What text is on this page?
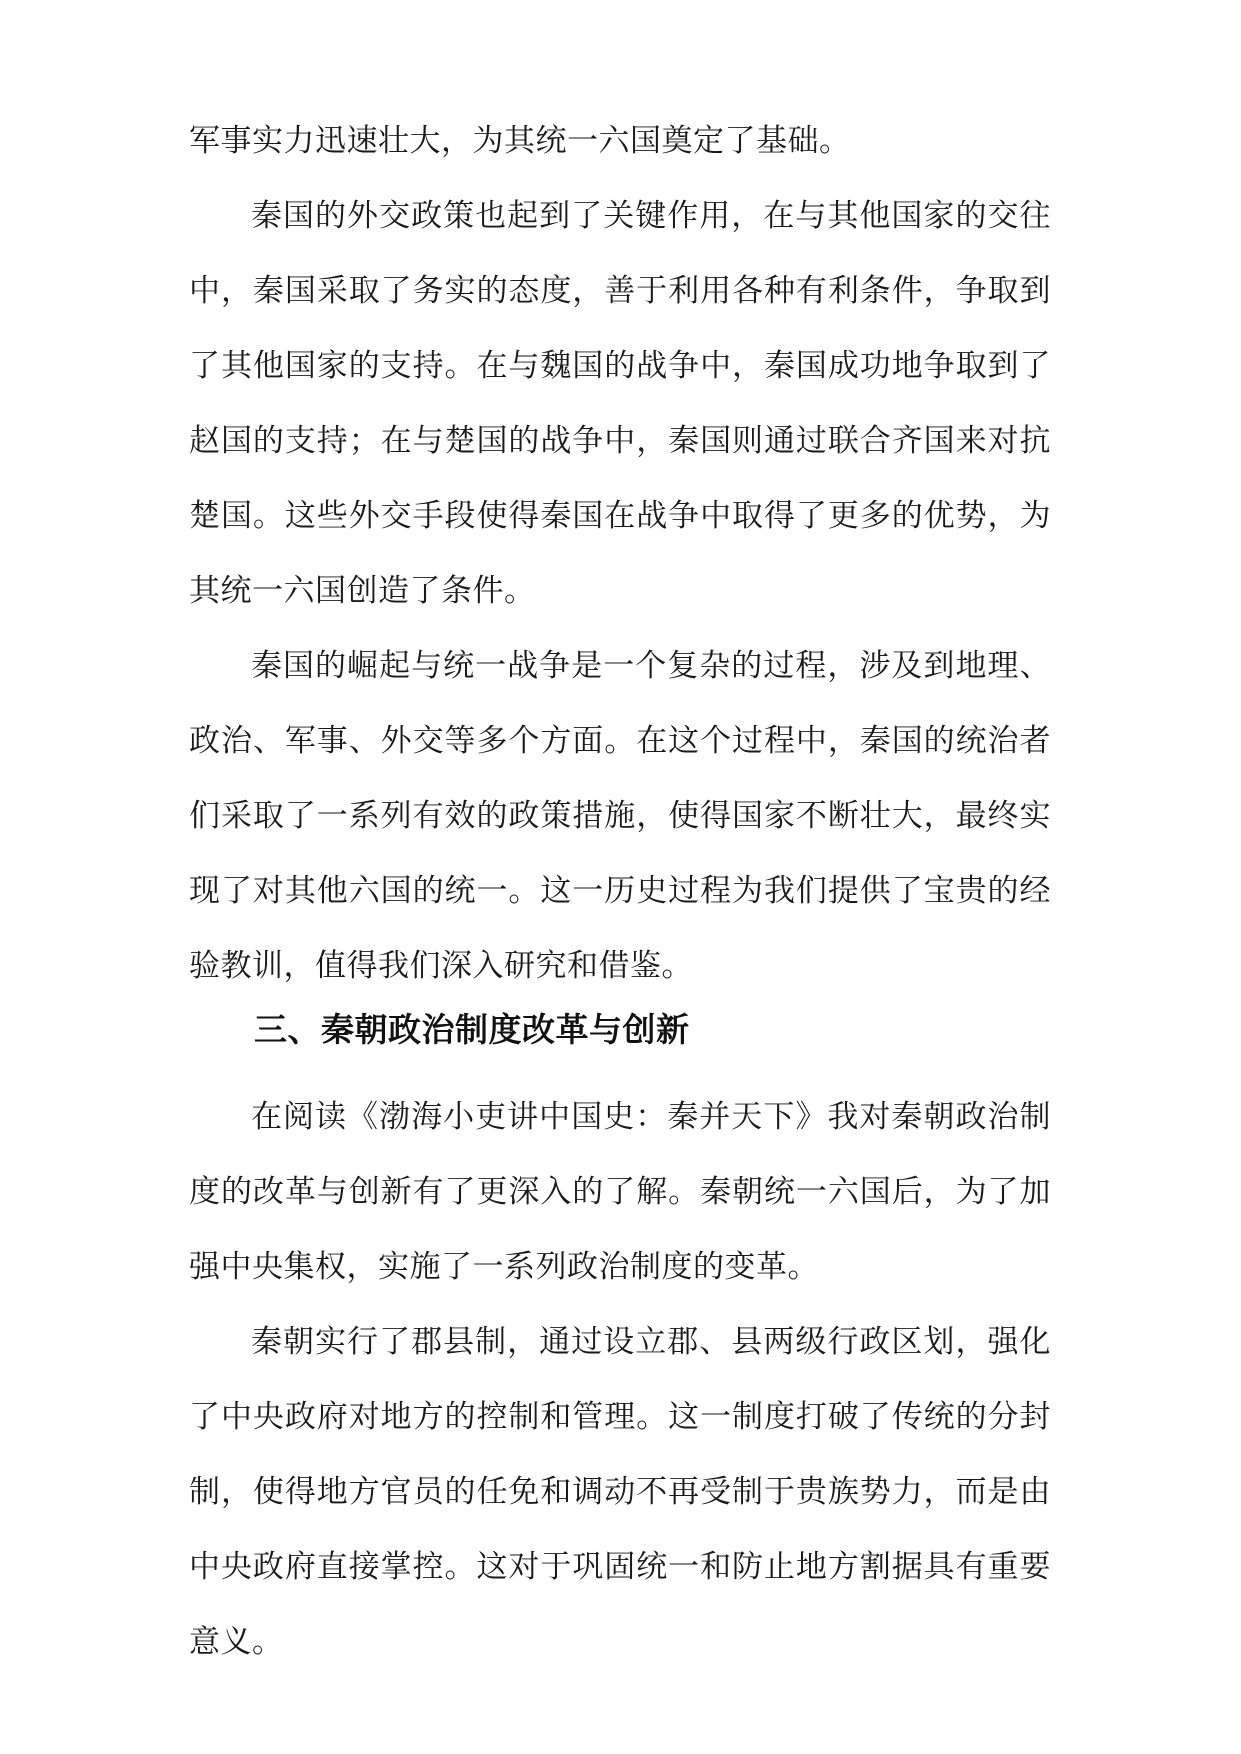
军事实力迅速壮大，为其统一六国奠定了基础。

秦国的外交政策也起到了关键作用，在与其他国家的交往中，秦国采取了务实的态度，善于利用各种有利条件，争取到了其他国家的支持。在与魏国的战争中，秦国成功地争取到了赵国的支持；在与楚国的战争中，秦国则通过联合齐国来对抗楚国。这些外交手段使得秦国在战争中取得了更多的优势，为其统一六国创造了条件。

秦国的崛起与统一战争是一个复杂的过程，涉及到地理、政治、军事、外交等多个方面。在这个过程中，秦国的统治者们采取了一系列有效的政策措施，使得国家不断壮大，最终实现了对其他六国的统一。这一历史过程为我们提供了宝贵的经验教训，值得我们深入研究和借鉴。

三、秦朝政治制度改革与创新

在阅读《渤海小吏讲中国史：秦并天下》我对秦朝政治制度的改革与创新有了更深入的了解。秦朝统一六国后，为了加强中央集权，实施了一系列政治制度的变革。

秦朝实行了郡县制，通过设立郡、县两级行政区划，强化了中央政府对地方的控制和管理。这一制度打破了传统的分封制，使得地方官员的任免和调动不再受制于贵族势力，而是由中央政府直接掌控。这对于巩固统一和防止地方割据具有重要意义。
